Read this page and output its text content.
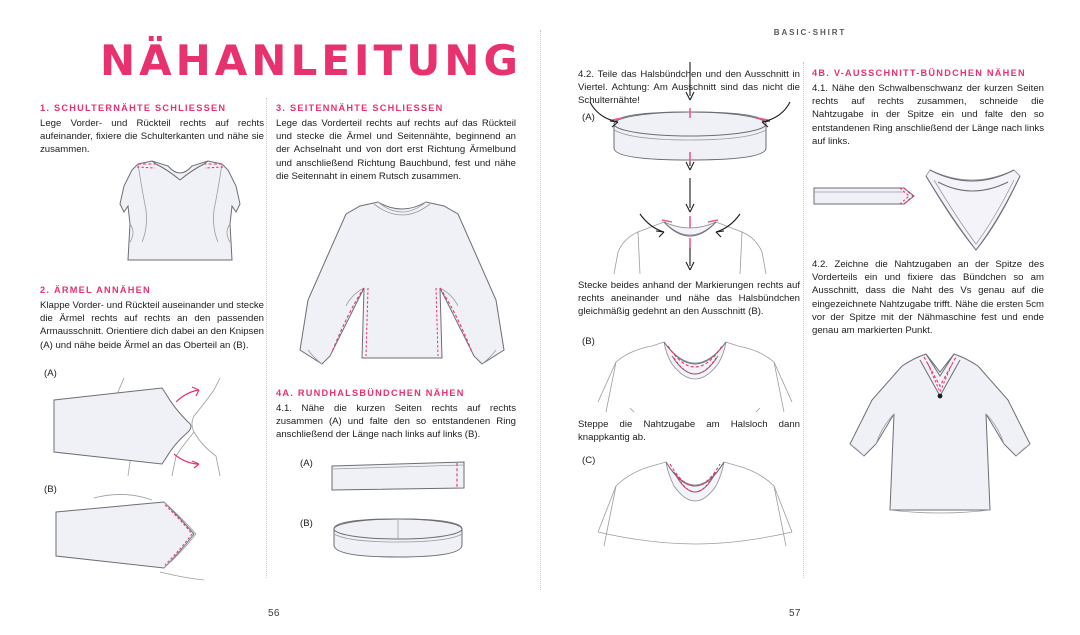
BASIC·SHIRT
NÄHANLEITUNG
1. SCHULTERNÄHTE SCHLIESSEN

Lege Vorder- und Rückteil rechts auf rechts aufeinander, fixiere die Schulterkanten und nähe sie zusammen.

2. ÄRMEL ANNÄHEN

Klappe Vorder- und Rückteil auseinander und stecke die Ärmel rechts auf rechts an den passenden Armausschnitt. Orientiere dich dabei an den Knipsen (A) und nähe beide Ärmel an das Oberteil an (B).

(A)
(B)
3. SEITENNÄHTE SCHLIESSEN

Lege das Vorderteil rechts auf rechts auf das Rückteil und stecke die Ärmel und Seitennähte, beginnend an der Achselnaht und von dort erst Richtung Ärmelbund und anschließend Richtung Bauchbund, fest und nähe die Seitennaht in einem Rutsch zusammen.

4A. RUNDHALSBÜNDCHEN NÄHEN

4.1. Nähe die kurzen Seiten rechts auf rechts zusammen (A) und falte den so entstandenen Ring anschließend der Länge nach links auf links (B).

(A)
(B)

4.2. Teile das Halsbündchen und den Ausschnitt in Viertel. Achtung: Am Ausschnitt sind das nicht die Schulternähte!

(A)

Stecke beides anhand der Markierungen rechts auf rechts aneinander und nähe das Halsbündchen gleichmäßig gedehnt an den Ausschnitt (B).

(B)

Steppe die Nahtzugabe am Halsloch dann knappkantig ab.

(C)
4B. V-AUSSCHNITT-BÜNDCHEN NÄHEN

4.1. Nähe den Schwalbenschwanz der kurzen Seiten rechts auf rechts zusammen, schneide die Nahtzugabe in der Spitze ein und falte den so entstandenen Ring anschließend der Länge nach links auf links.

4.2. Zeichne die Nahtzugaben an der Spitze des Vorderteils ein und fixiere das Bündchen so am Ausschnitt, dass die Naht des Vs genau auf die eingezeichnete Nahtzugabe trifft. Nähe die ersten 5cm vor der Spitze mit der Nähmaschine fest und ende genau am markierten Punkt.

56	57
